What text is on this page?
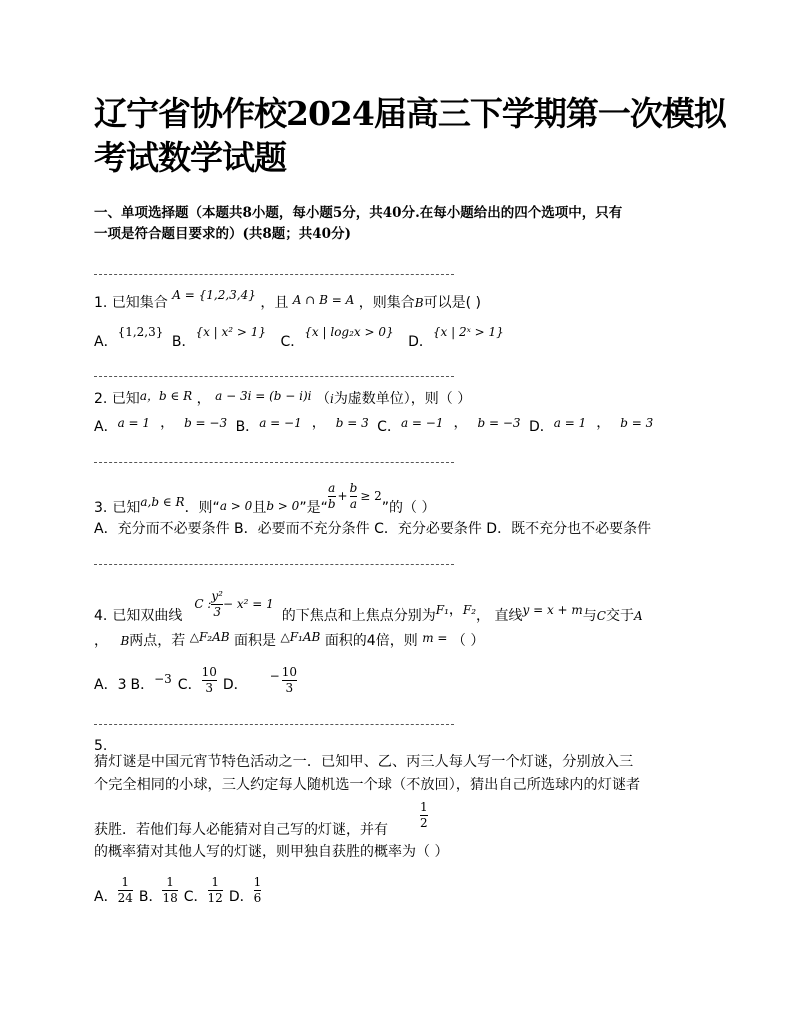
辽宁省协作校2024届高三下学期第一次模拟
考试数学试题
一、单项选择题（本题共8小题，每小题5分，共40分.在每小题给出的四个选项中，只有
一项是符合题目要求的）(共8题；共40分)
1. 已知集合 A = {1,2,3,4} ，且 A ∩ B = A ，则集合B可以是( )
A．{1,2,3} B．{x | x² > 1} C．{x | log₂x > 0} D．{x | 2ˣ > 1}
2. 已知a，b ∈ R ， a − 3i = (b − i)i （i为虚数单位），则（ ）
A．a = 1 ， b = −3 B．a = −1 ， b = 3 C．a = −1 ， b = −3 D．a = 1 ， b = 3
3. 已知 a,b ∈ R ．则“ a > 0 且 b > 0 ”是“ $\frac{a}{b} + \frac{b}{a} \ge 2$
”的（ ）
A．充分而不必要条件 B．必要而不充分条件 C．充分必要条件 D．既不充分也不必要条件
4. 已知双曲线
C : $\frac{\text{y²}}{3} - x^2 = 1$
的下焦点和上焦点分别为 F₁ ， F₂ ， 直线 y = x + m 与 C 交于 A
， B两点，若 △F₂AB 面积是 △F₁AB 面积的4倍，则 m = （ ）
A．3 B．−3 C． $\frac{10}{3}$ D．
− $\frac{10}{3}$
5.
猜灯谜是中国元宵节特色活动之一．已知甲、乙、丙三人每人写一个灯谜，分别放入三
个完全相同的小球，三人约定每人随机选一个球（不放回），猜出自己所选球内的灯谜者
获胜．若他们每人必能猜对自己写的灯谜，并有	$\frac{1}{2}$
的概率猜对其他人写的灯谜，则甲独自获胜的概率为（ ）
A． $\frac{1}{24}$ B． $\frac{1}{18}$ C． $\frac{1}{12}$ D． $\frac{1}{6}$
